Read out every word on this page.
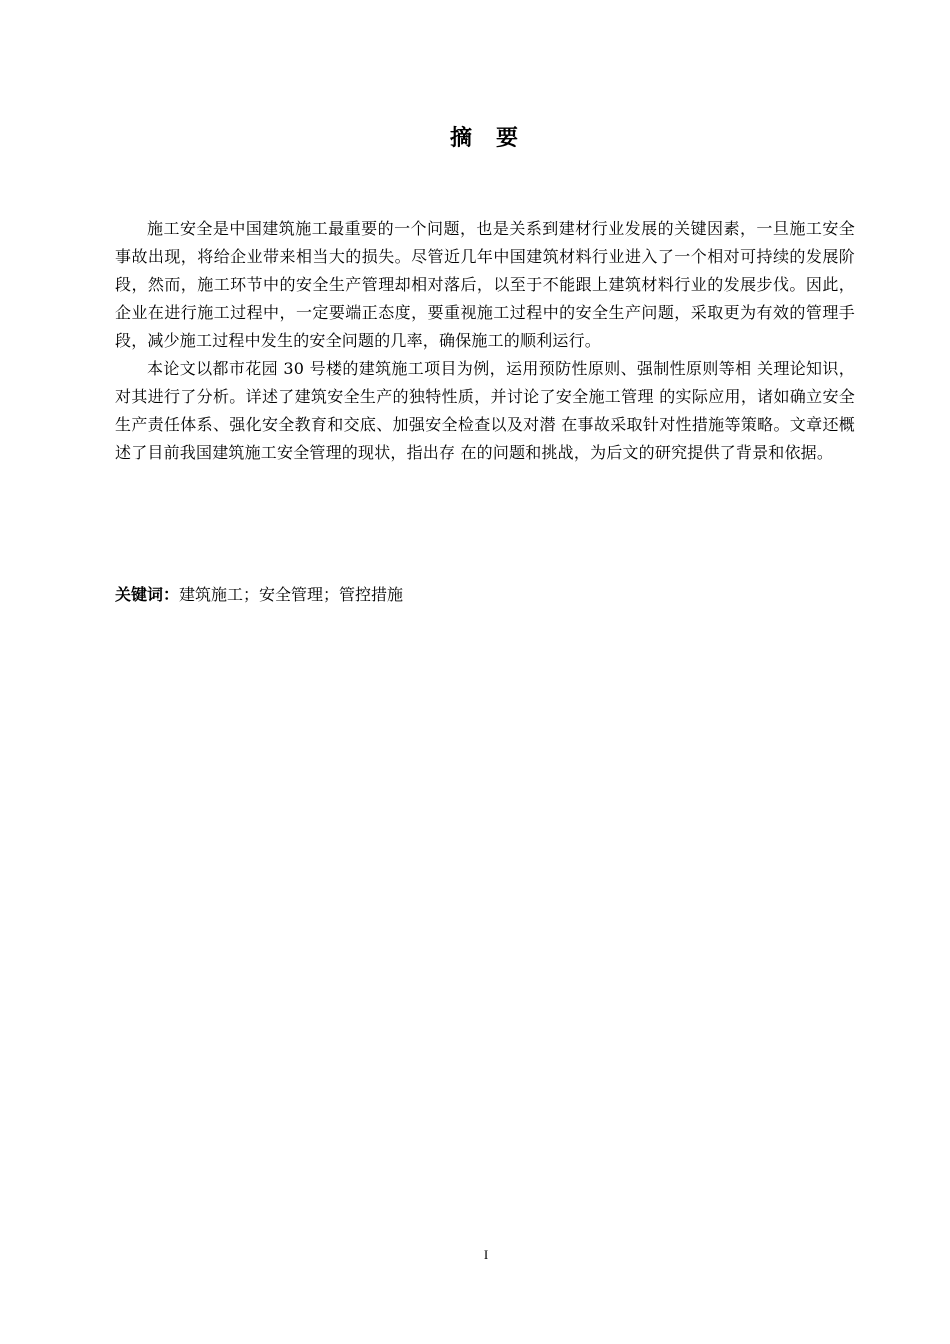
摘 要

施工安全是中国建筑施工最重要的一个问题，也是关系到建材行业发展的关键因素，一旦施工安全事故出现，将给企业带来相当大的损失。尽管近几年中国建筑材料行业进入了一个相对可持续的发展阶段，然而，施工环节中的安全生产管理却相对落后，以至于不能跟上建筑材料行业的发展步伐。因此，企业在进行施工过程中，一定要端正态度，要重视施工过程中的安全生产问题，采取更为有效的管理手段，减少施工过程中发生的安全问题的几率，确保施工的顺利运行。

本论文以都市花园 30 号楼的建筑施工项目为例，运用预防性原则、强制性原则等相 关理论知识，对其进行了分析。详述了建筑安全生产的独特性质，并讨论了安全施工管理 的实际应用，诸如确立安全生产责任体系、强化安全教育和交底、加强安全检查以及对潜 在事故采取针对性措施等策略。文章还概述了目前我国建筑施工安全管理的现状，指出存 在的问题和挑战，为后文的研究提供了背景和依据。

关键词：建筑施工；安全管理；管控措施
I
